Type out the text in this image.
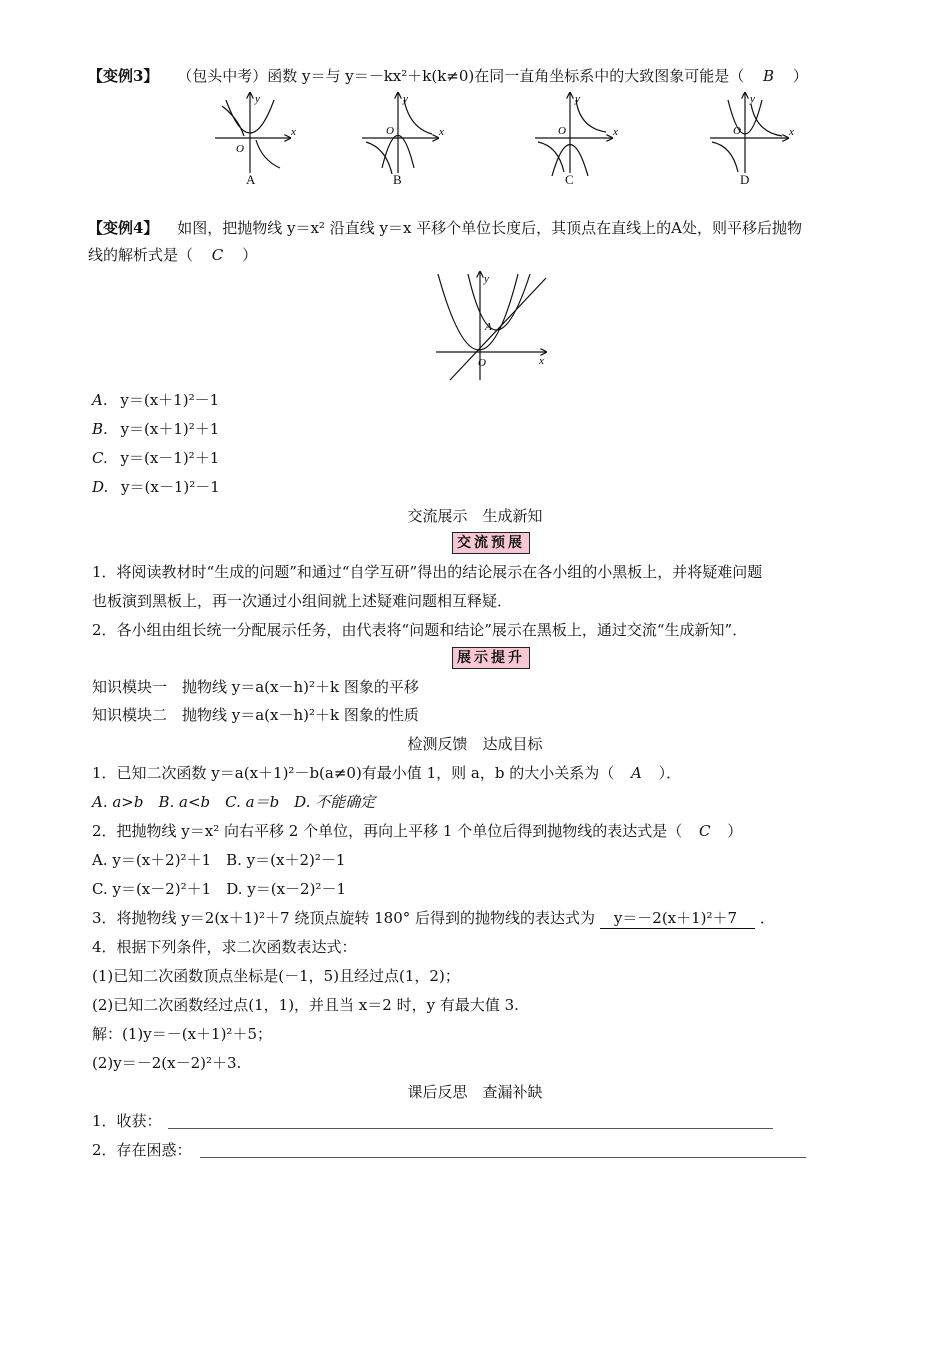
【变例3】 （包头中考）函数 y＝与 y＝－kx²＋k(k≠0)在同一直角坐标系中的大致图象可能是（ B ）
y
x
O
y
x
O
y
x
O
y
x
O
A	B	C	D
【变例4】 如图，把抛物线 y＝x² 沿直线 y＝x 平移个单位长度后，其顶点在直线上的A处，则平移后抛物
线的解析式是（ C ）
y
x
O
A
A. y＝(x＋1)²－1
B. y＝(x＋1)²＋1
C. y＝(x－1)²＋1
D. y＝(x－1)²－1
交流展示　生成新知
交流预展
1．将阅读教材时“生成的问题”和通过“自学互研”得出的结论展示在各小组的小黑板上，并将疑难问题
也板演到黑板上，再一次通过小组间就上述疑难问题相互释疑．
2．各小组由组长统一分配展示任务，由代表将“问题和结论”展示在黑板上，通过交流“生成新知”．
展示提升
知识模块一　抛物线 y＝a(x－h)²＋k 图象的平移
知识模块二　抛物线 y＝a(x－h)²＋k 图象的性质
检测反馈　达成目标
1．已知二次函数 y＝a(x＋1)²－b(a≠0)有最小值 1，则 a，b 的大小关系为（ A ）．
A. a>b　B. a<b　C. a＝b　D. 不能确定
2．把抛物线 y＝x² 向右平移 2 个单位，再向上平移 1 个单位后得到抛物线的表达式是（ C ）
A. y＝(x＋2)²＋1　B. y＝(x＋2)²－1
C. y＝(x－2)²＋1　D. y＝(x－2)²－1
3．将抛物线 y＝2(x＋1)²＋7 绕顶点旋转 180° 后得到的抛物线的表达式为 y＝－2(x＋1)²＋7 ．
4．根据下列条件，求二次函数表达式：
(1)已知二次函数顶点坐标是(－1，5)且经过点(1，2)；
(2)已知二次函数经过点(1，1)，并且当 x＝2 时，y 有最大值 3.
解：(1)y＝－(x＋1)²＋5；
(2)y＝－2(x－2)²＋3.
课后反思　查漏补缺
1．收获：
2．存在困惑：
